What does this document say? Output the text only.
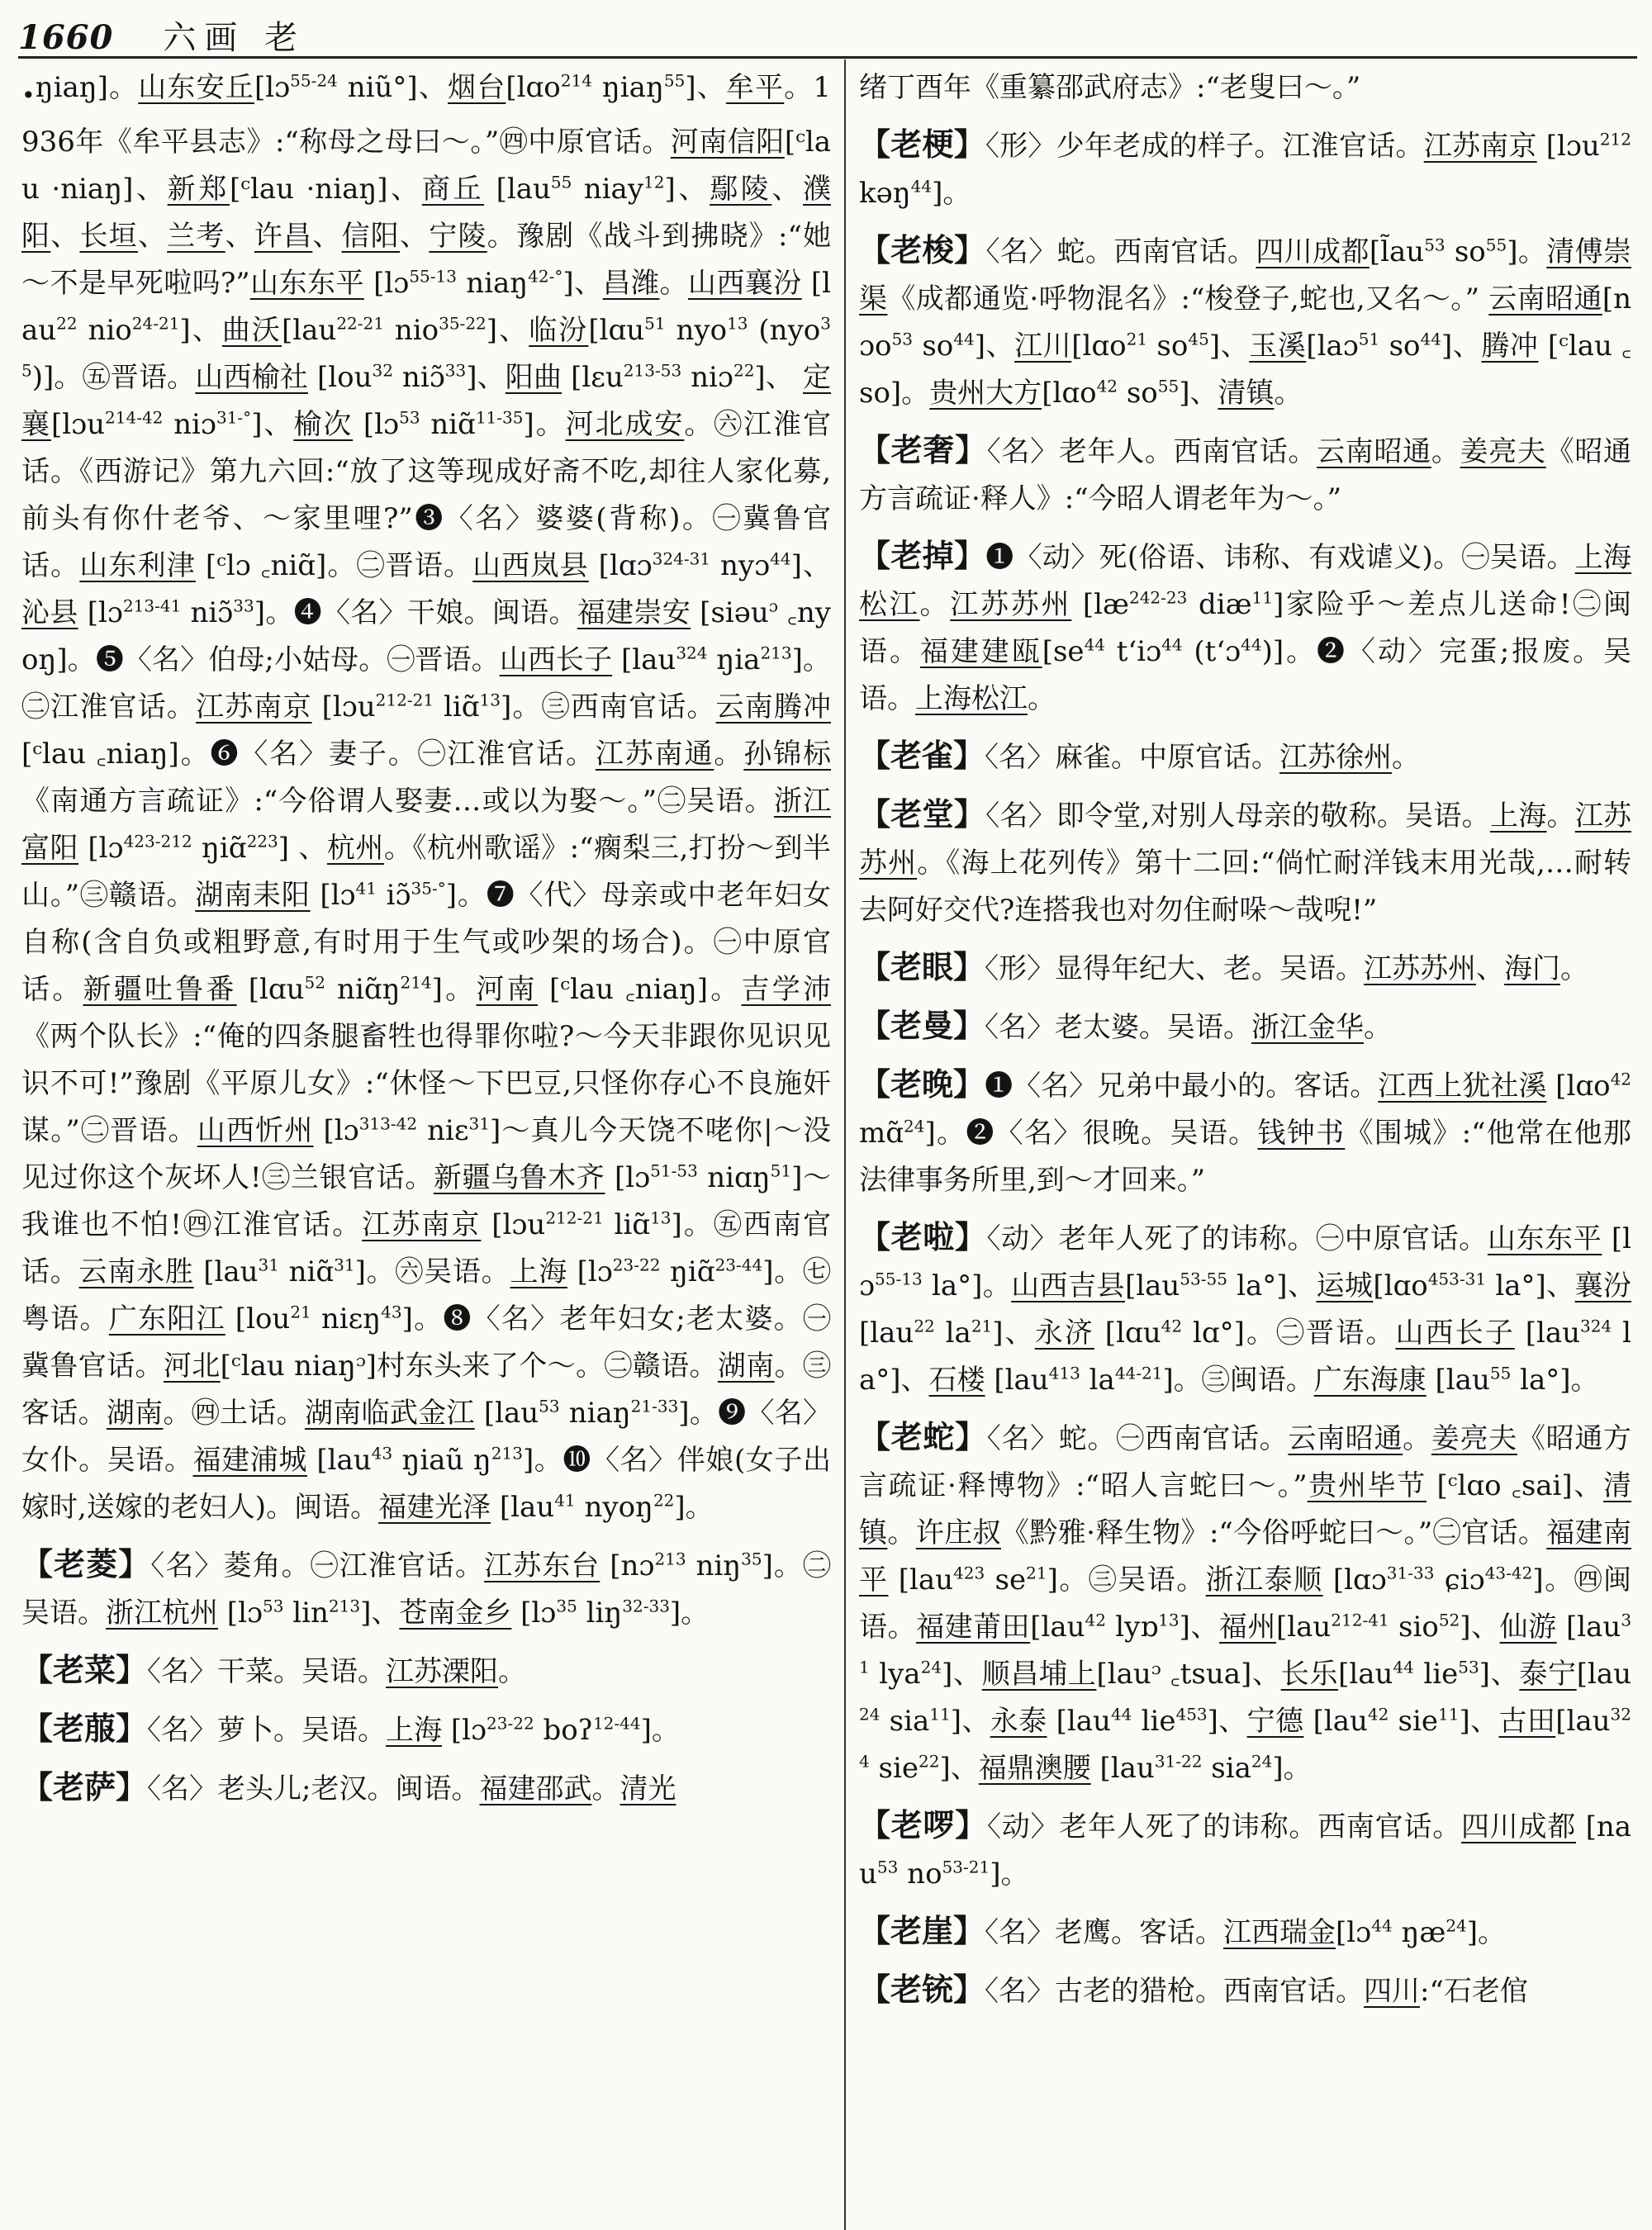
1660 六画 老

$_•$ŋiaŋ]。山东安丘[lɔ$^{55-24}$ niũ°]、烟台[lɑo$^{214}$ ŋiaŋ$^{55}$]、牟平。1936年《牟平县志》:“称母之母曰～。”㊃中原官话。河南信阳[ᶜlau ·niaŋ]、新郑[ᶜlau ·niaŋ]、商丘 [lau$^{55}$ niay$^{12}$]、鄢陵、濮阳、长垣、兰考、许昌、信阳、宁陵。豫剧《战斗到拂晓》:“她～不是早死啦吗?”山东东平 [lɔ$^{55-13}$ niaŋ$^{42-^\circ}$]、昌潍。山西襄汾 [lau$^{22}$ nio$^{24-21}$]、曲沃[lau$^{22-21}$ nio$^{35-22}$]、临汾[lɑu$^{51}$ nyo$^{13}$ (nyo$^{35}$)]。㊄晋语。山西榆社 [lou$^{32}$ niɔ̃$^{33}$]、阳曲 [lɛu$^{213-53}$ niɔ$^{22}$]、 定襄[lɔu$^{214-42}$ niɔ$^{31-^\circ}$]、榆次 [lɔ$^{53}$ niɑ̃$^{11-35}$]。河北成安。㊅江淮官话。《西游记》第九六回:“放了这等现成好斋不吃,却往人家化募,前头有你什老爷、～家里哩?”❸〈名〉婆婆(背称)。㊀冀鲁官话。山东利津 [ᶜlɔ ꜀niɑ̃]。㊁晋语。山西岚县 [lɑɔ$^{324-31}$ nyɔ$^{44}$]、沁县 [lɔ$^{213-41}$ niɔ̃$^{33}$]。❹〈名〉干娘。闽语。福建崇安 [siəu$^ɔ$ ꜀nyoŋ]。❺〈名〉伯母;小姑母。㊀晋语。山西长子 [lau$^{324}$ ŋia$^{213}$]。㊁江淮官话。江苏南京 [lɔu$^{212-21}$ liɑ̃$^{13}$]。㊂西南官话。云南腾冲 [ᶜlau ꜀niaŋ]。❻〈名〉妻子。㊀江淮官话。江苏南通。孙锦标《南通方言疏证》:“今俗谓人娶妻…或以为娶～。”㊁吴语。浙江富阳 [lɔ$^{423-212}$ ŋiɑ̃$^{223}$] 、杭州。《杭州歌谣》:“瘸梨三,打扮～到半山。”㊂赣语。湖南耒阳 [lɔ$^{41}$ iɔ̃$^{35-^\circ}$]。❼〈代〉母亲或中老年妇女自称(含自负或粗野意,有时用于生气或吵架的场合)。㊀中原官话。新疆吐鲁番 [lɑu$^{52}$ $niɑ̃ŋ^{214}$]。河南 [ᶜlau ꜀niaŋ]。吉学沛《两个队长》:“俺的四条腿畜牲也得罪你啦?～今天非跟你见识见识不可!”豫剧《平原儿女》:“休怪～下巴豆,只怪你存心不良施奸谋。”㊁晋语。山西忻州 [lɔ$^{313-42}$ niɛ$^{31}$]～真儿今天饶不咾你|～没见过你这个灰坏人!㊂兰银官话。新疆乌鲁木齐 [lɔ$^{51-53}$ niɑŋ$^{51}$]～我谁也不怕!㊃江淮官话。江苏南京 [lɔu$^{212-21}$ liɑ̃$^{13}$]。㊄西南官话。云南永胜 [lau$^{31}$ niɑ̃$^{31}$]。㊅吴语。上海 [lɔ$^{23-22}$ ŋiɑ̃$^{23-44}$]。㊆粤语。广东阳江 [lou$^{21}$ niɛŋ$^{43}$]。❽〈名〉老年妇女;老太婆。㊀冀鲁官话。河北[ᶜlau niaŋᵓ]村东头来了个～。㊁赣语。湖南。㊂客话。湖南。㊃土话。湖南临武金江 [lau$^{53}$ niaŋ$^{21-33}$]。❾〈名〉女仆。吴语。福建浦城 [lau$^{43}$ ŋiaũ $ŋ^{213}$]。❿〈名〉伴娘(女子出嫁时,送嫁的老妇人)。闽语。福建光泽 [lau$^{41}$ nyoŋ$^{22}$]。

【老菱】〈名〉菱角。㊀江淮官话。江苏东台 [nɔ$^{213}$ niŋ$^{35}$]。㊁吴语。浙江杭州 [lɔ$^{53}$ lin$^{213}$]、苍南金乡 [lɔ$^{35}$ liŋ$^{32-33}$]。

【老菜】〈名〉干菜。吴语。江苏溧阳。

【老菔】〈名〉萝卜。吴语。上海 [lɔ$^{23-22}$ boʔ$^{12-44}$]。

【老萨】〈名〉老头儿;老汉。闽语。福建邵武。清光

绪丁酉年《重纂邵武府志》:“老叟曰～。”

【老梗】〈形〉少年老成的样子。江淮官话。江苏南京 [lɔu$^{212}$ kəŋ$^{44}$]。

【老梭】〈名〉蛇。西南官话。四川成都[$l̃au^{53}$ $so^{55}$]。清傅崇渠《成都通览·呼物混名》:“梭登子,蛇也,又名～。” 云南昭通[nɔo$^{53}$ $so^{44}$]、江川[lɑo$^{21}$ $so^{45}$]、玉溪[laɔ$^{51}$ $so^{44}$]、腾冲 [ᶜlau ꜀so]。贵州大方[lɑo$^{42}$ $so^{55}$]、清镇。

【老奢】〈名〉老年人。西南官话。云南昭通。姜亮夫《昭通方言疏证·释人》:“今昭人谓老年为～。”

【老掉】❶〈动〉死(俗语、讳称、有戏谑义)。㊀吴语。上海松江。江苏苏州 [$læ^{242-23}$ diæ$^{11}$]家险乎～差点儿送命!㊁闽语。福建建瓯[$se^{44}$ tʻiɔ$^{44}$ (tʻɔ$^{44}$)]。❷〈动〉完蛋;报废。吴语。上海松江。

【老雀】〈名〉麻雀。中原官话。江苏徐州。

【老堂】〈名〉即令堂,对别人母亲的敬称。吴语。上海。江苏苏州。《海上花列传》第十二回:“倘忙耐洋钱末用光哉,…耐转去阿好交代?连搭我也对勿住耐哚～哉唲!”

【老眼】〈形〉显得年纪大、老。吴语。江苏苏州、海门。

【老曼】〈名〉老太婆。吴语。浙江金华。

【老晚】❶〈名〉兄弟中最小的。客话。江西上犹社溪 [lɑo$^{42}$ mɑ̃$^{24}$]。❷〈名〉很晚。吴语。钱钟书《围城》:“他常在他那法律事务所里,到～才回来。”

【老啦】〈动〉老年人死了的讳称。㊀中原官话。山东东平 [lɔ$^{55-13}$ la°]。山西吉县[lau$^{53-55}$ la°]、运城[lɑo$^{453-31}$ la°]、襄汾 [lau$^{22}$ $la^{21}$]、永济 [lɑu$^{42}$ lɑ°]。㊁晋语。山西长子 [lau$^{324}$ la°]、石楼 [lau$^{413}$ $la^{44-21}$]。㊂闽语。广东海康 [lau$^{55}$ la°]。

【老蛇】〈名〉蛇。㊀西南官话。云南昭通。姜亮夫《昭通方言疏证·释博物》:“昭人言蛇曰～。”贵州毕节 [ᶜlɑo ꜀sai]、清镇。许庄叔《黔雅·释生物》:“今俗呼蛇曰～。”㊁官话。福建南平 [lau$^{423}$ $se^{21}$]。㊂吴语。浙江泰顺 [lɑɔ$^{31-33}$ ɕiɔ$^{43-42}$]。㊃闽语。福建莆田[lau$^{42}$ lyɒ$^{13}$]、福州[lau$^{212-41}$ sio$^{52}$]、仙游 [lau$^{31}$ lya$^{24}$]、顺昌埔上[lauᵓ ꜀tsua]、长乐[lau$^{44}$ lie$^{53}$]、泰宁[lau$^{24}$ sia$^{11}$]、永泰 [lau$^{44}$ lie$^{453}$]、宁德 [lau$^{42}$ sie$^{11}$]、古田[lau$^{324}$ sie$^{22}$]、福鼎澳腰 [lau$^{31-22}$ sia$^{24}$]。

【老啰】〈动〉老年人死了的讳称。西南官话。四川成都 [nau$^{53}$ $no^{53-21}$]。

【老崖】〈名〉老鹰。客话。江西瑞金[lɔ$^{44}$ $ŋæ^{24}$]。

【老铳】〈名〉古老的猎枪。西南官话。四川:“石老倌
